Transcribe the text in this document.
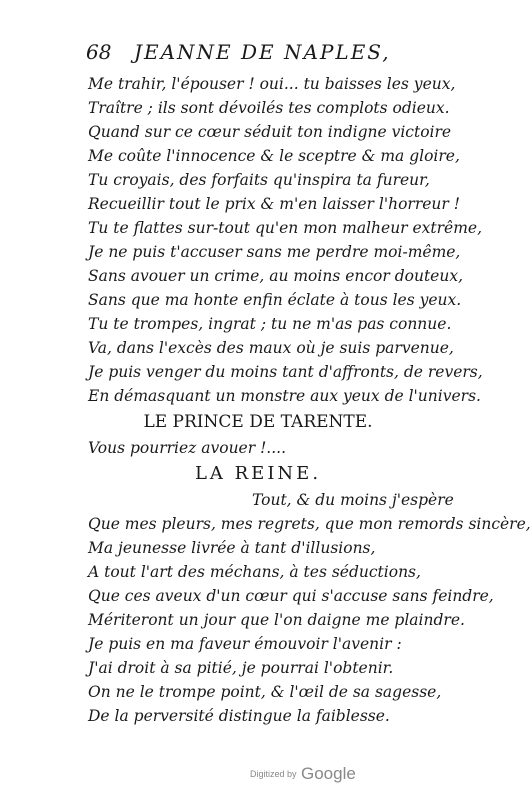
68 JEANNE DE NAPLES,
Me trahir, l'épouser ! oui... tu baisses les yeux,
Traître ; ils sont dévoilés tes complots odieux.
Quand sur ce cœur séduit ton indigne victoire
Me coûte l'innocence & le sceptre & ma gloire,
Tu croyais, des forfaits qu'inspira ta fureur,
Recueillir tout le prix & m'en laisser l'horreur !
Tu te flattes sur-tout qu'en mon malheur extrême,
Je ne puis t'accuser sans me perdre moi-même,
Sans avouer un crime, au moins encor douteux,
Sans que ma honte enfin éclate à tous les yeux.
Tu te trompes, ingrat ; tu ne m'as pas connue.
Va, dans l'excès des maux où je suis parvenue,
Je puis venger du moins tant d'affronts, de revers,
En démasquant un monstre aux yeux de l'univers.
LE PRINCE DE TARENTE.
Vous pourriez avouer !....
LA REINE.
Tout, & du moins j'espère
Que mes pleurs, mes regrets, que mon remords sincère,
Ma jeunesse livrée à tant d'illusions,
A tout l'art des méchans, à tes séductions,
Que ces aveux d'un cœur qui s'accuse sans feindre,
Mériteront un jour que l'on daigne me plaindre.
Je puis en ma faveur émouvoir l'avenir :
J'ai droit à sa pitié, je pourrai l'obtenir.
On ne le trompe point, & l'œil de sa sagesse,
De la perversité distingue la faiblesse.
Digitized by Google
